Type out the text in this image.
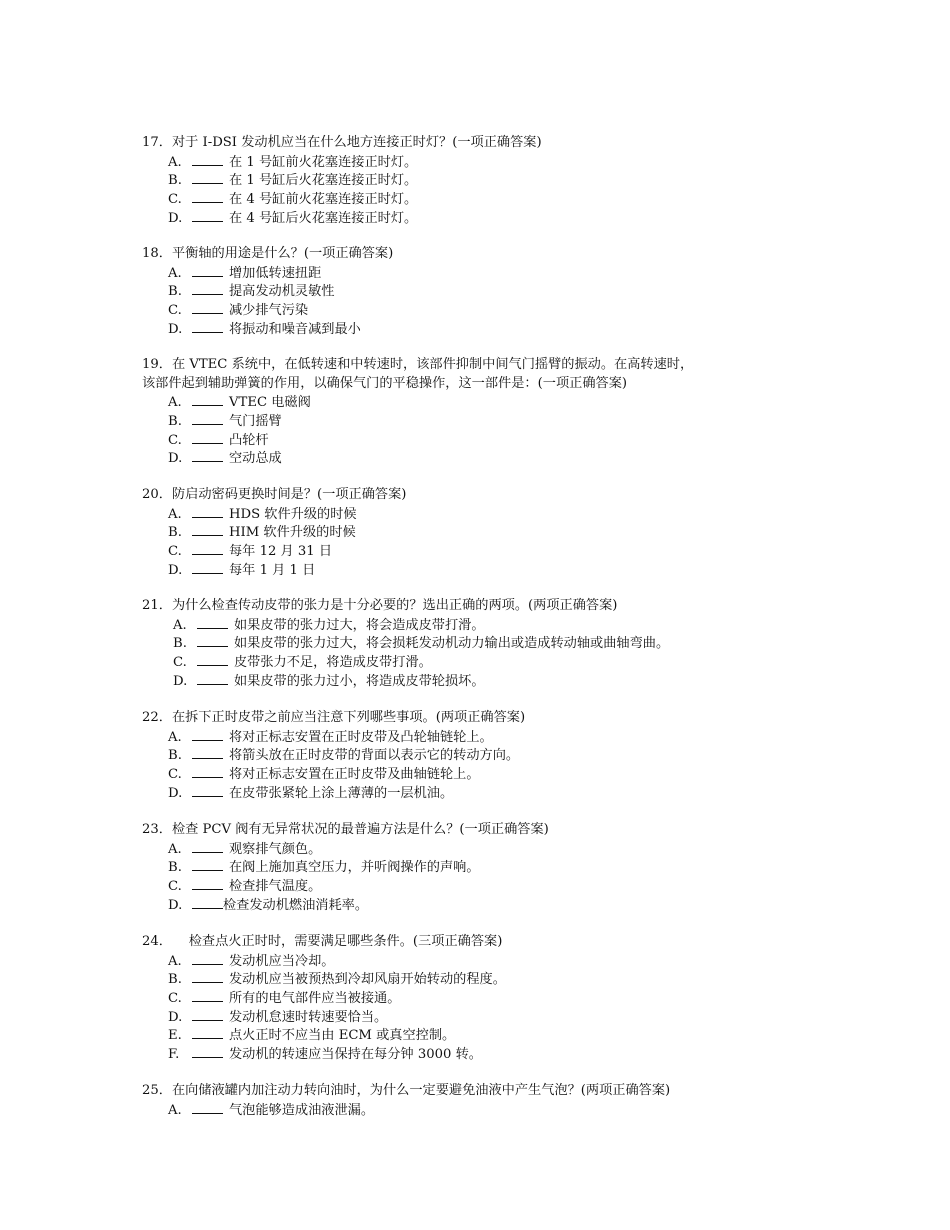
17．对于 I-DSI 发动机应当在什么地方连接正时灯？(一项正确答案)
A.	在 1 号缸前火花塞连接正时灯。
B.	在 1 号缸后火花塞连接正时灯。
C.	在 4 号缸前火花塞连接正时灯。
D.	在 4 号缸后火花塞连接正时灯。
18．平衡轴的用途是什么？(一项正确答案)
A.	增加低转速扭距
B.	提高发动机灵敏性
C.	减少排气污染
D.	将振动和噪音减到最小
19．在 VTEC 系统中，在低转速和中转速时，该部件抑制中间气门摇臂的振动。在高转速时，
该部件起到辅助弹簧的作用，以确保气门的平稳操作，这一部件是：(一项正确答案)
A.	VTEC 电磁阀
B.	气门摇臂
C.	凸轮杆
D.	空动总成
20．防启动密码更换时间是？(一项正确答案)
A.	HDS 软件升级的时候
B.	HIM 软件升级的时候
C.	每年 12 月 31 日
D.	每年 1 月 1 日
21．为什么检查传动皮带的张力是十分必要的？选出正确的两项。(两项正确答案)
A.	如果皮带的张力过大，将会造成皮带打滑。
B.	如果皮带的张力过大，将会损耗发动机动力输出或造成转动轴或曲轴弯曲。
C.	皮带张力不足，将造成皮带打滑。
D.	如果皮带的张力过小，将造成皮带轮损坏。
22．在拆下正时皮带之前应当注意下列哪些事项。(两项正确答案)
A.	将对正标志安置在正时皮带及凸轮轴链轮上。
B.	将箭头放在正时皮带的背面以表示它的转动方向。
C.	将对正标志安置在正时皮带及曲轴链轮上。
D.	在皮带张紧轮上涂上薄薄的一层机油。
23．检查 PCV 阀有无异常状况的最普遍方法是什么？(一项正确答案)
A.	观察排气颜色。
B.	在阀上施加真空压力，并听阀操作的声响。
C.	检查排气温度。
D.	检查发动机燃油消耗率。
24．    检查点火正时时，需要满足哪些条件。(三项正确答案)
A.	发动机应当冷却。
B.	发动机应当被预热到冷却风扇开始转动的程度。
C.	所有的电气部件应当被接通。
D.	发动机怠速时转速要恰当。
E.	点火正时不应当由 ECM 或真空控制。
F.	发动机的转速应当保持在每分钟 3000 转。
25．在向储液罐内加注动力转向油时，为什么一定要避免油液中产生气泡？(两项正确答案)
A.	气泡能够造成油液泄漏。
